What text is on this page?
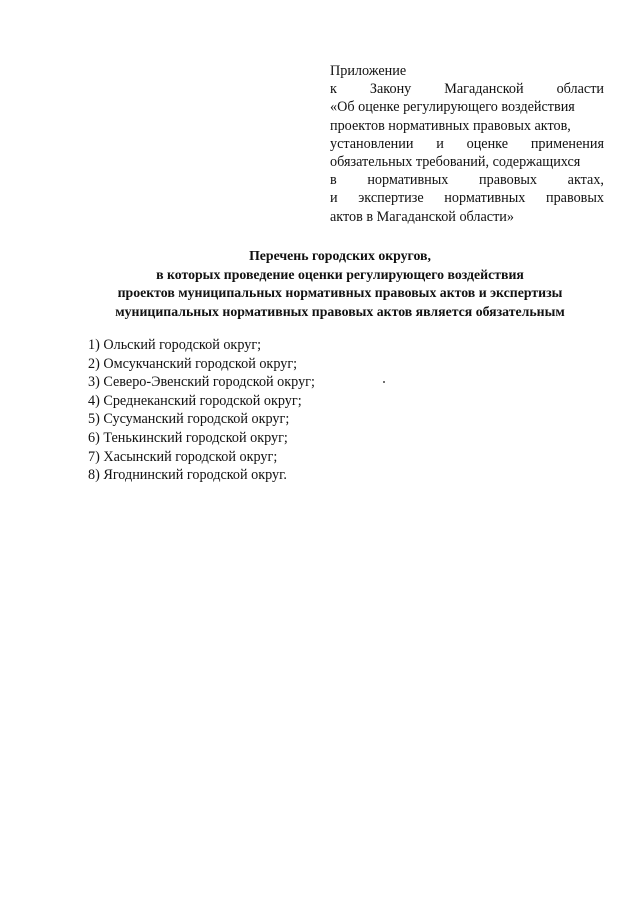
Приложение
к Закону Магаданской области
«Об оценке регулирующего воздействия
проектов нормативных правовых актов,
установлении и оценке применения
обязательных требований, содержащихся
в нормативных правовых актах,
и экспертизе нормативных правовых
актов в Магаданской области»
Перечень городских округов,
в которых проведение оценки регулирующего воздействия
проектов муниципальных нормативных правовых актов и экспертизы
муниципальных нормативных правовых актов является обязательным
1) Ольский городской округ;
2) Омсукчанский городской округ;
3) Северо-Эвенский городской округ;
4) Среднеканский городской округ;
5) Сусуманский городской округ;
6) Тенькинский городской округ;
7) Хасынский городской округ;
8) Ягоднинский городской округ.
